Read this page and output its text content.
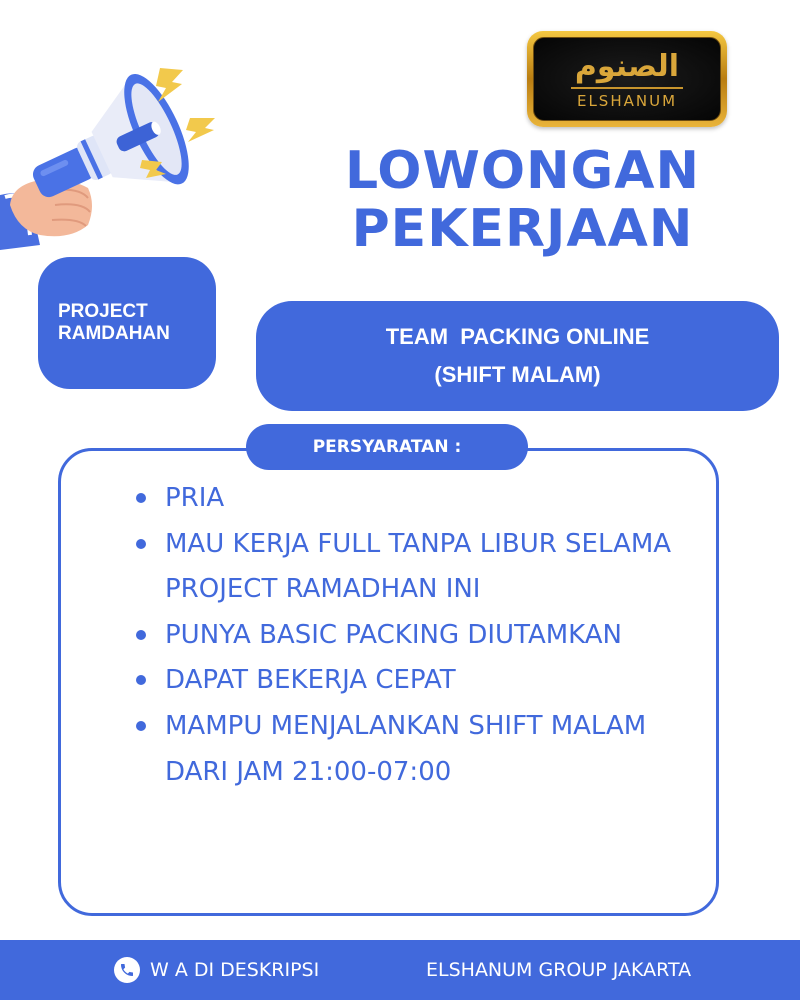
الصنوم
ELSHANUM
LOWONGAN
PEKERJAAN
PROJECT
RAMDAHAN	TEAM  PACKING ONLINE
(SHIFT MALAM)
PERSYARATAN :
PRIA
MAU KERJA FULL TANPA LIBUR SELAMA PROJECT RAMADHAN INI
PUNYA BASIC PACKING DIUTAMKAN
DAPAT BEKERJA CEPAT
MAMPU MENJALANKAN SHIFT MALAM DARI JAM 21:00-07:00
W A DI DESKRIPSI	ELSHANUM GROUP JAKARTA
